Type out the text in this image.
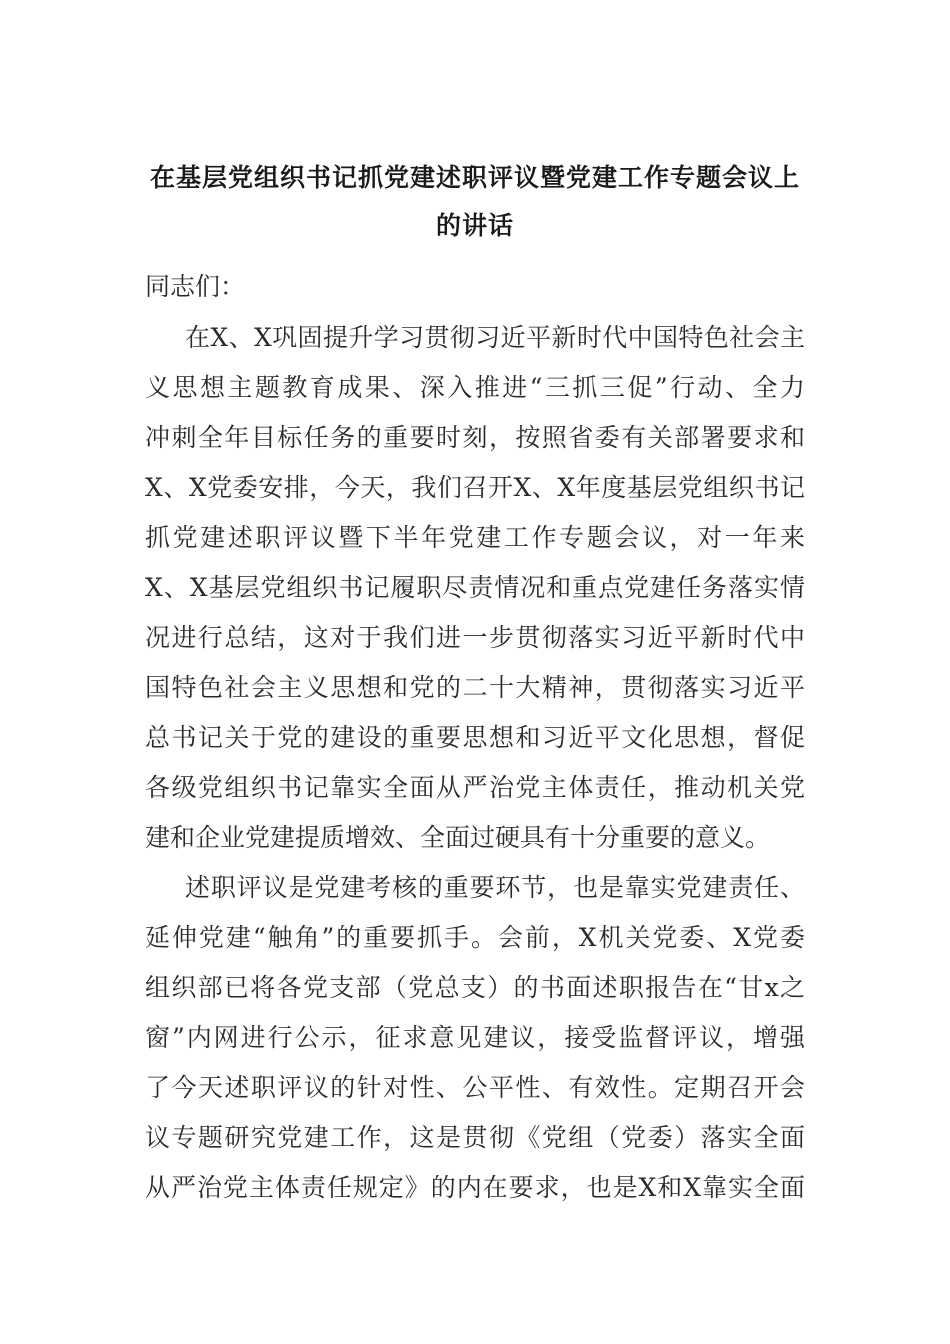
在基层党组织书记抓党建述职评议暨党建工作专题会议上
的讲话
同志们：
在X、X巩固提升学习贯彻习近平新时代中国特色社会主
义思想主题教育成果、深入推进“三抓三促”行动、全力
冲刺全年目标任务的重要时刻，按照省委有关部署要求和
X、X党委安排，今天，我们召开X、X年度基层党组织书记
抓党建述职评议暨下半年党建工作专题会议，对一年来
X、X基层党组织书记履职尽责情况和重点党建任务落实情
况进行总结，这对于我们进一步贯彻落实习近平新时代中
国特色社会主义思想和党的二十大精神，贯彻落实习近平
总书记关于党的建设的重要思想和习近平文化思想，督促
各级党组织书记靠实全面从严治党主体责任，推动机关党
建和企业党建提质增效、全面过硬具有十分重要的意义。
述职评议是党建考核的重要环节，也是靠实党建责任、
延伸党建“触角”的重要抓手。会前，X机关党委、X党委
组织部已将各党支部（党总支）的书面述职报告在“甘x之
窗”内网进行公示，征求意见建议，接受监督评议，增强
了今天述职评议的针对性、公平性、有效性。定期召开会
议专题研究党建工作，这是贯彻《党组（党委）落实全面
从严治党主体责任规定》的内在要求，也是X和X靠实全面
